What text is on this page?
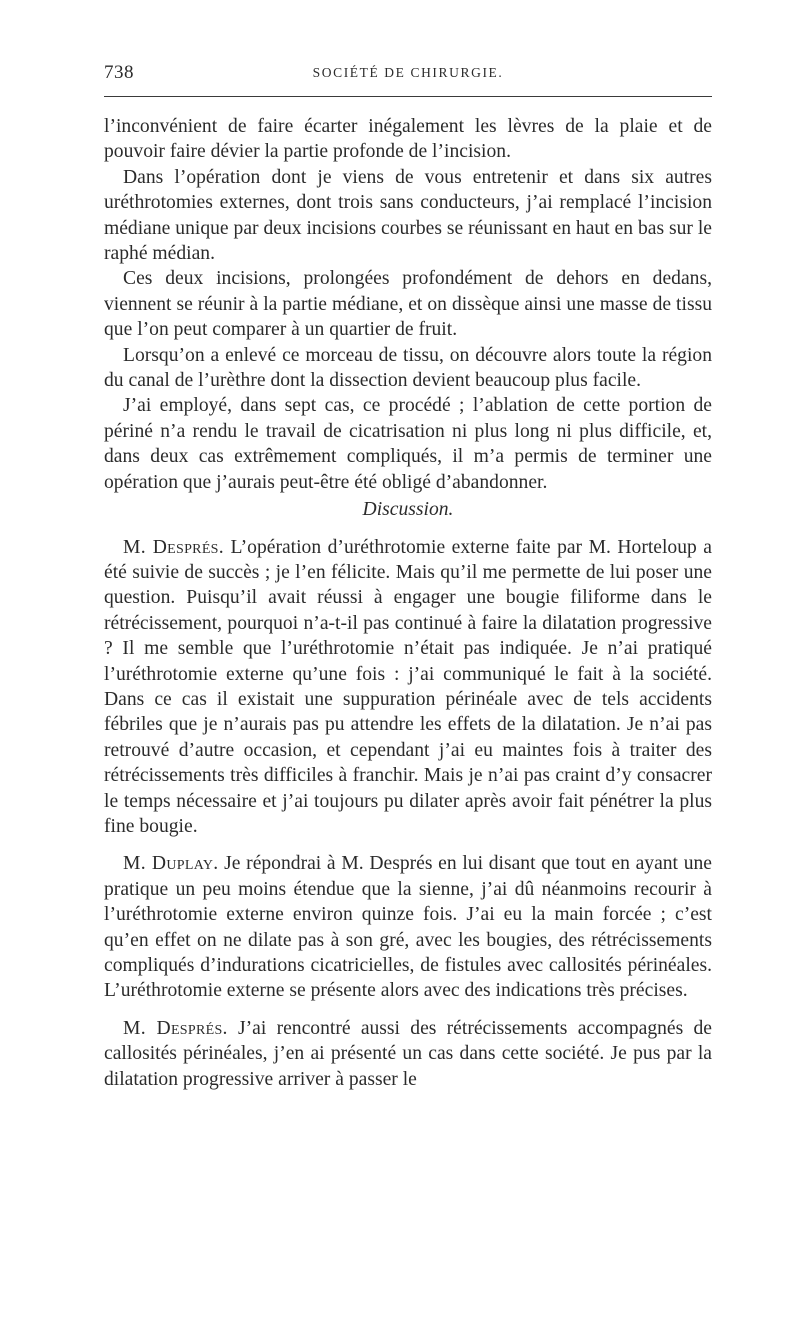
738	SOCIÉTÉ DE CHIRURGIE.

l’inconvénient de faire écarter inégalement les lèvres de la plaie et de pouvoir faire dévier la partie profonde de l’incision.

Dans l’opération dont je viens de vous entretenir et dans six autres uréthrotomies externes, dont trois sans conducteurs, j’ai remplacé l’incision médiane unique par deux incisions courbes se réunissant en haut en bas sur le raphé médian.

Ces deux incisions, prolongées profondément de dehors en dedans, viennent se réunir à la partie médiane, et on dissèque ainsi une masse de tissu que l’on peut comparer à un quartier de fruit.

Lorsqu’on a enlevé ce morceau de tissu, on découvre alors toute la région du canal de l’urèthre dont la dissection devient beaucoup plus facile.

J’ai employé, dans sept cas, ce procédé ; l’ablation de cette portion de périné n’a rendu le travail de cicatrisation ni plus long ni plus difficile, et, dans deux cas extrêmement compliqués, il m’a permis de terminer une opération que j’aurais peut-être été obligé d’abandonner.

Discussion.

M. Després. L’opération d’uréthrotomie externe faite par M. Horteloup a été suivie de succès ; je l’en félicite. Mais qu’il me permette de lui poser une question. Puisqu’il avait réussi à engager une bougie filiforme dans le rétrécissement, pourquoi n’a-t-il pas continué à faire la dilatation progressive ? Il me semble que l’uréthrotomie n’était pas indiquée. Je n’ai pratiqué l’uréthrotomie externe qu’une fois : j’ai communiqué le fait à la société. Dans ce cas il existait une suppuration périnéale avec de tels accidents fébriles que je n’aurais pas pu attendre les effets de la dilatation. Je n’ai pas retrouvé d’autre occasion, et cependant j’ai eu maintes fois à traiter des rétrécissements très difficiles à franchir. Mais je n’ai pas craint d’y consacrer le temps nécessaire et j’ai toujours pu dilater après avoir fait pénétrer la plus fine bougie.

M. Duplay. Je répondrai à M. Després en lui disant que tout en ayant une pratique un peu moins étendue que la sienne, j’ai dû néanmoins recourir à l’uréthrotomie externe environ quinze fois. J’ai eu la main forcée ; c’est qu’en effet on ne dilate pas à son gré, avec les bougies, des rétrécissements compliqués d’indurations cicatricielles, de fistules avec callosités périnéales. L’uréthrotomie externe se présente alors avec des indications très précises.

M. Després. J’ai rencontré aussi des rétrécissements accompagnés de callosités périnéales, j’en ai présenté un cas dans cette société. Je pus par la dilatation progressive arriver à passer le
